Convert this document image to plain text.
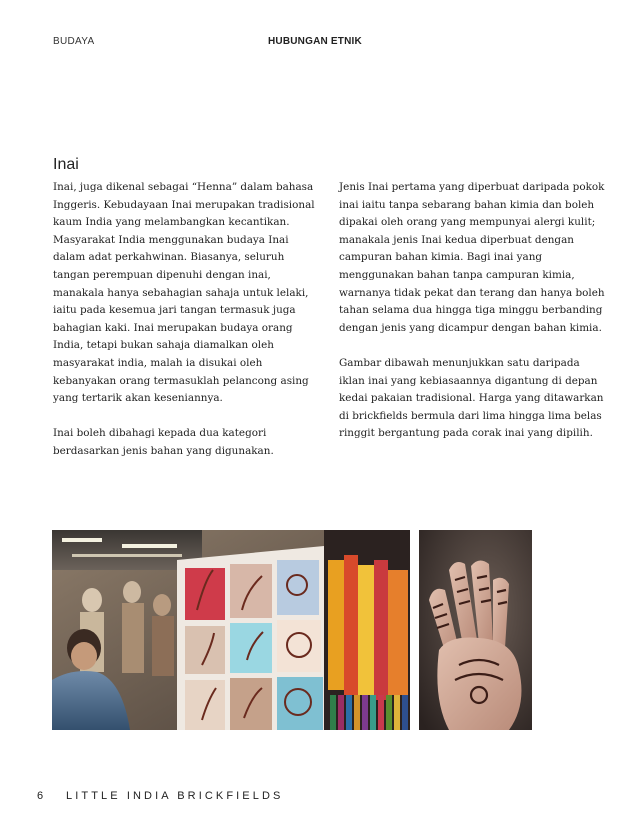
BUDAYA	HUBUNGAN ETNIK
Inai

Inai, juga dikenal sebagai “Henna” dalam bahasa Inggeris. Kebudayaan Inai merupakan tradisional kaum India yang melambangkan kecantikan. Masyarakat India menggunakan budaya Inai dalam adat perkahwinan. Biasanya, seluruh tangan perempuan dipenuhi dengan inai, manakala hanya sebahagian sahaja untuk lelaki, iaitu pada kesemua jari tangan termasuk juga bahagian kaki. Inai merupakan budaya orang India, tetapi bukan sahaja diamalkan oleh masyarakat india, malah ia disukai oleh kebanyakan orang termasuklah pelancong asing yang tertarik akan keseniannya.

Inai boleh dibahagi kepada dua kategori berdasarkan jenis bahan yang digunakan.

Jenis Inai pertama yang diperbuat daripada pokok inai iaitu tanpa sebarang bahan kimia dan boleh dipakai oleh orang yang mempunyai alergi kulit; manakala jenis Inai kedua diperbuat dengan campuran bahan kimia. Bagi inai yang menggunakan bahan tanpa campuran kimia, warnanya tidak pekat dan terang dan hanya boleh tahan selama dua hingga tiga minggu berbanding dengan jenis yang dicampur dengan bahan kimia.

Gambar dibawah menunjukkan satu daripada iklan inai yang kebiasaannya digantung di depan kedai pakaian tradisional. Harga yang ditawarkan di brickfields bermula dari lima hingga lima belas ringgit bergantung pada corak inai yang dipilih.

6 LITTLE INDIA BRICKFIELDS
